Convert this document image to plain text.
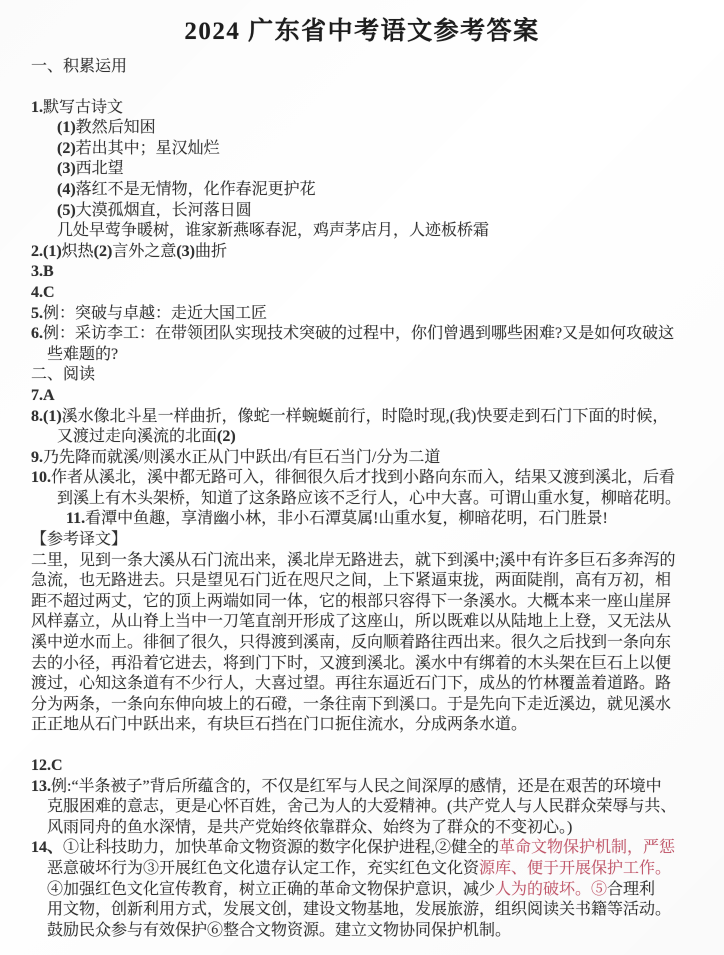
2024 广东省中考语文参考答案
一、积累运用
1.默写古诗文
(1)教然后知困
(2)若出其中；星汉灿烂
(3)西北望
(4)落红不是无情物，化作春泥更护花
(5)大漠孤烟直，长河落日圆
几处早莺争暖树，谁家新燕啄春泥，鸡声茅店月，人迹板桥霜
2.(1)炽热(2)言外之意(3)曲折
3.B
4.C
5.例：突破与卓越：走近大国工匠
6.例：采访李工：在带领团队实现技术突破的过程中，你们曾遇到哪些困难?又是如何攻破这
些难题的?
二、阅读
7.A
8.(1)溪水像北斗星一样曲折，像蛇一样蜿蜒前行，时隐时现,(我)快要走到石门下面的时候，
又渡过走向溪流的北面(2)
9.乃先降而就溪/则溪水正从门中跃出/有巨石当门/分为二道
10.作者从溪北，溪中都无路可入，徘徊很久后才找到小路向东而入，结果又渡到溪北，后看
到溪上有木头架桥，知道了这条路应该不乏行人，心中大喜。可谓山重水复，柳暗花明。
11.看潭中鱼趣，享清幽小林，非小石潭莫属!山重水复，柳暗花明，石门胜景!
【参考译文】
二里，见到一条大溪从石门流出来，溪北岸无路进去，就下到溪中;溪中有许多巨石多奔泻的
急流，也无路进去。只是望见石门近在咫尺之间，上下紧逼束拢，两面陡削，高有万初，相
距不超过两丈，它的顶上两端如同一体，它的根部只容得下一条溪水。大概本来一座山崖屏
风样嘉立，从山脊上当中一刀笔直剖开形成了这座山，所以既难以从陆地上上登，又无法从
溪中逆水而上。徘徊了很久，只得渡到溪南，反向顺着路往西出来。很久之后找到一条向东
去的小径，再沿着它进去，将到门下时，又渡到溪北。溪水中有绑着的木头架在巨石上以便
渡过，心知这条道有不少行人，大喜过望。再往东逼近石门下，成丛的竹林覆盖着道路。路
分为两条，一条向东伸向坡上的石磴，一条往南下到溪口。于是先向下走近溪边，就见溪水
正正地从石门中跃出来，有块巨石挡在门口扼住流水，分成两条水道。
12.C
13.例:“半条被子”背后所蕴含的，不仅是红军与人民之间深厚的感情，还是在艰苦的环境中
克服困难的意志，更是心怀百姓，舍己为人的大爱精神。(共产党人与人民群众荣辱与共、
风雨同舟的鱼水深情，是共产党始终依靠群众、始终为了群众的不变初心。)
14、①让科技助力，加快革命文物资源的数字化保护进程,②健全的革命文物保护机制，严惩
恶意破坏行为③开展红色文化遗存认定工作，充实红色文化资源库、便于开展保护工作。
④加强红色文化宣传教育，树立正确的革命文物保护意识，减少人为的破坏。⑤合理利
用文物，创新利用方式，发展文创，建设文物基地，发展旅游，组织阅读关书籍等活动。
鼓励民众参与有效保护⑥整合文物资源。建立文物协同保护机制。
